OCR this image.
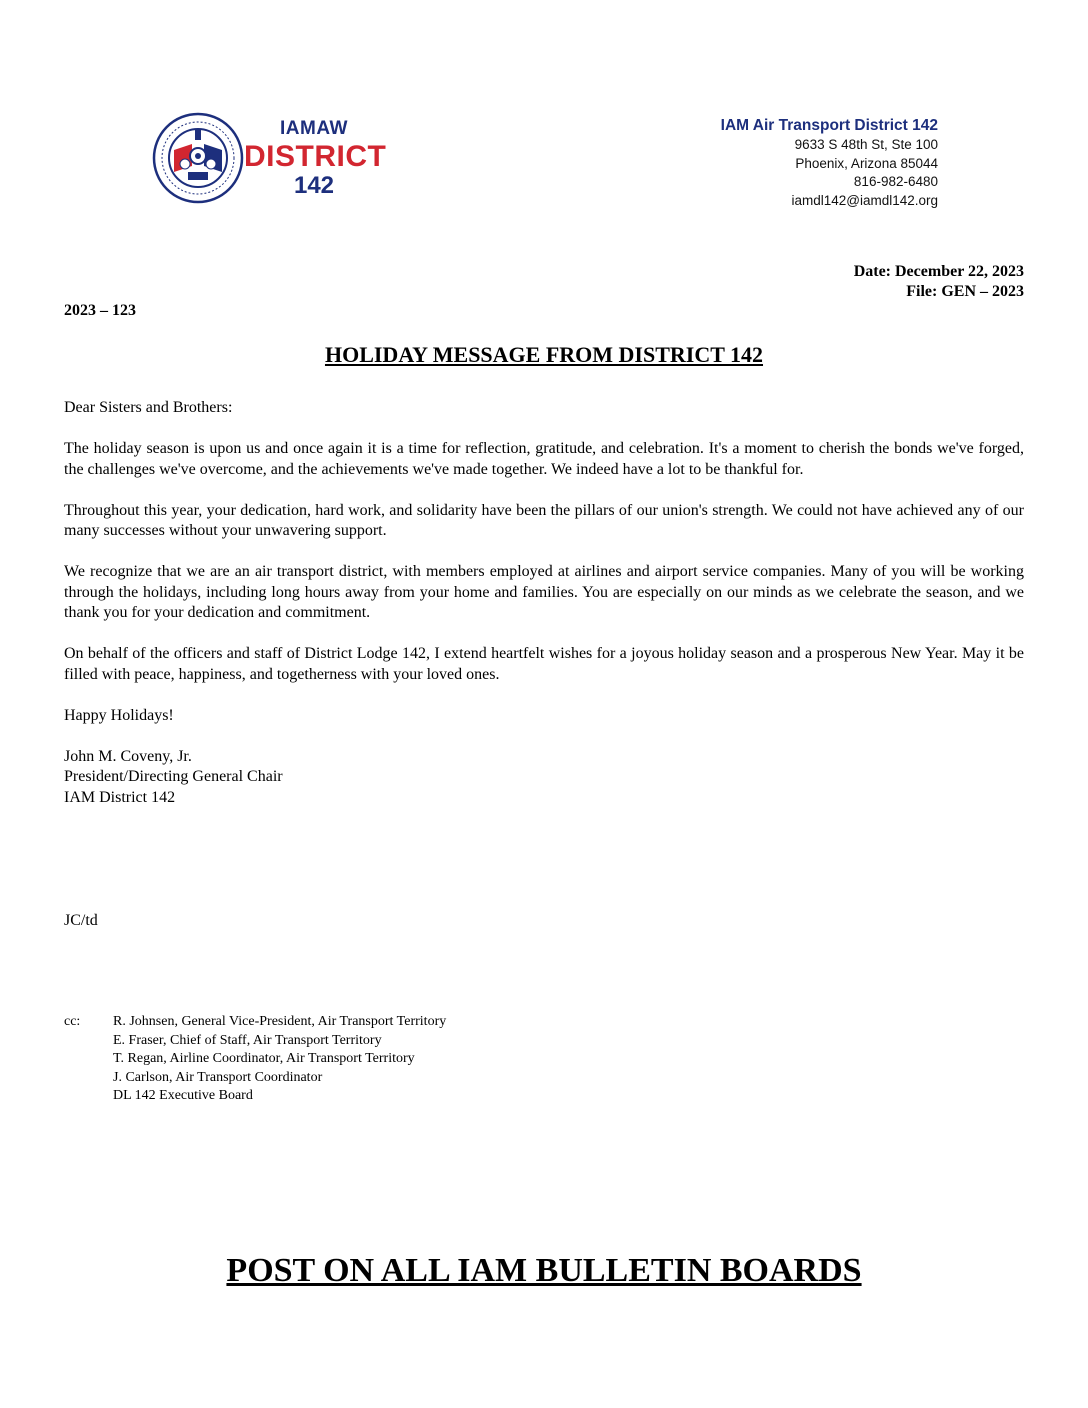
IAMAW
DISTRICT
142
IAM Air Transport District 142
9633 S 48th St, Ste 100
Phoenix, Arizona 85044
816-982-6480
iamdl142@iamdl142.org
Date: December 22, 2023
File: GEN – 2023
2023 – 123
HOLIDAY MESSAGE FROM DISTRICT 142

Dear Sisters and Brothers:

The holiday season is upon us and once again it is a time for reflection, gratitude, and celebration. It's a moment to cherish the bonds we've forged, the challenges we've overcome, and the achievements we've made together. We indeed have a lot to be thankful for.

Throughout this year, your dedication, hard work, and solidarity have been the pillars of our union's strength. We could not have achieved any of our many successes without your unwavering support.

We recognize that we are an air transport district, with members employed at airlines and airport service companies. Many of you will be working through the holidays, including long hours away from your home and families. You are especially on our minds as we celebrate the season, and we thank you for your dedication and commitment.

On behalf of the officers and staff of District Lodge 142, I extend heartfelt wishes for a joyous holiday season and a prosperous New Year. May it be filled with peace, happiness, and togetherness with your loved ones.

Happy Holidays!

John M. Coveny, Jr.
President/Directing General Chair
IAM District 142
JC/td
cc: R. Johnsen, General Vice-President, Air Transport Territory
E. Fraser, Chief of Staff, Air Transport Territory
T. Regan, Airline Coordinator, Air Transport Territory
J. Carlson, Air Transport Coordinator
DL 142 Executive Board
POST ON ALL IAM BULLETIN BOARDS
